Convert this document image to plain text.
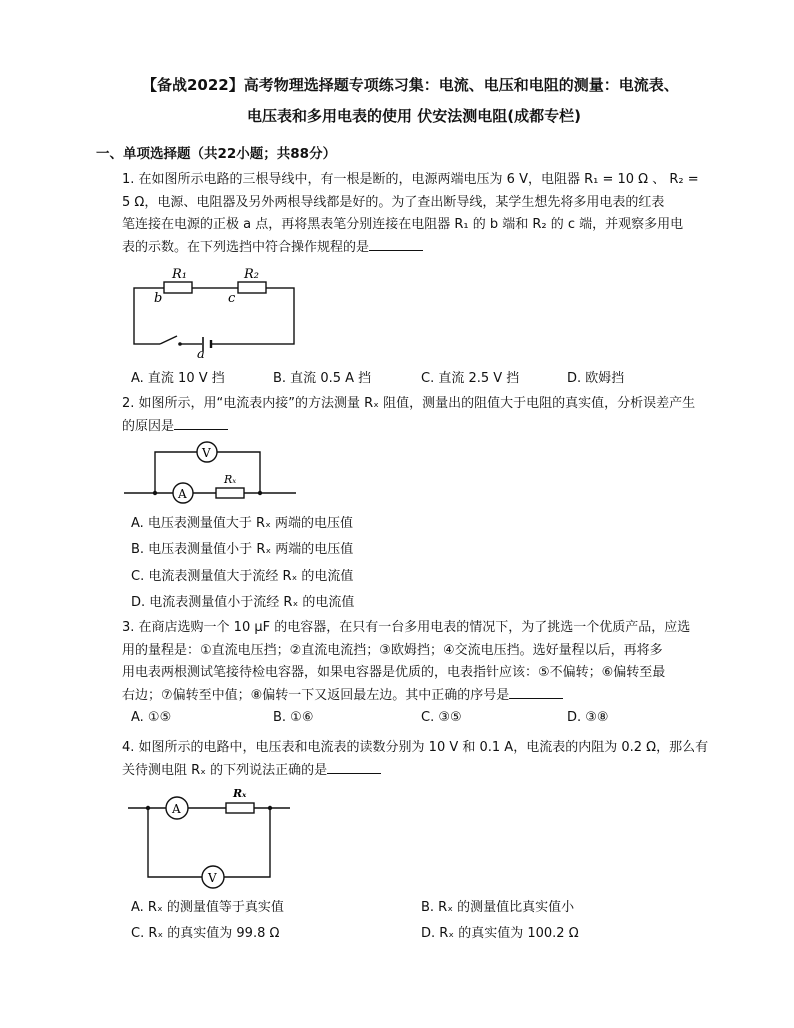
【备战2022】高考物理选择题专项练习集：电流、电压和电阻的测量：电流表、
电压表和多用电表的使用 伏安法测电阻(成都专栏)
一、单项选择题（共22小题；共88分）
1. 在如图所示电路的三根导线中，有一根是断的，电源两端电压为 6 V，电阻器 R₁ = 10 Ω 、 R₂ =
5 Ω，电源、电阻器及另外两根导线都是好的。为了查出断导线，某学生想先将多用电表的红表
笔连接在电源的正极 a 点，再将黑表笔分别连接在电阻器 R₁ 的 b 端和 R₂ 的 c 端，并观察多用电
表的示数。在下列选挡中符合操作规程的是
R₁	R₂
b	c
a
A. 直流 10 V 挡	B. 直流 0.5 A 挡	C. 直流 2.5 V 挡	D. 欧姆挡
2. 如图所示，用“电流表内接”的方法测量 Rₓ 阻值，测量出的阻值大于电阻的真实值，分析误差产生
的原因是
V
A
Rₓ
A. 电压表测量值大于 Rₓ 两端的电压值
B. 电压表测量值小于 Rₓ 两端的电压值
C. 电流表测量值大于流经 Rₓ 的电流值
D. 电流表测量值小于流经 Rₓ 的电流值
3. 在商店选购一个 10 μF 的电容器，在只有一台多用电表的情况下，为了挑选一个优质产品，应选
用的量程是：①直流电压挡；②直流电流挡；③欧姆挡；④交流电压挡。选好量程以后，再将多
用电表两根测试笔接待检电容器，如果电容器是优质的，电表指针应该：⑤不偏转；⑥偏转至最
右边；⑦偏转至中值；⑧偏转一下又返回最左边。其中正确的序号是
A. ①⑤	B. ①⑥	C. ③⑤	D. ③⑧
4. 如图所示的电路中，电压表和电流表的读数分别为 10 V 和 0.1 A，电流表的内阻为 0.2 Ω，那么有
关待测电阻 Rₓ 的下列说法正确的是
A
V
Rₓ
A. Rₓ 的测量值等于真实值	B. Rₓ 的测量值比真实值小
C. Rₓ 的真实值为 99.8 Ω	D. Rₓ 的真实值为 100.2 Ω
